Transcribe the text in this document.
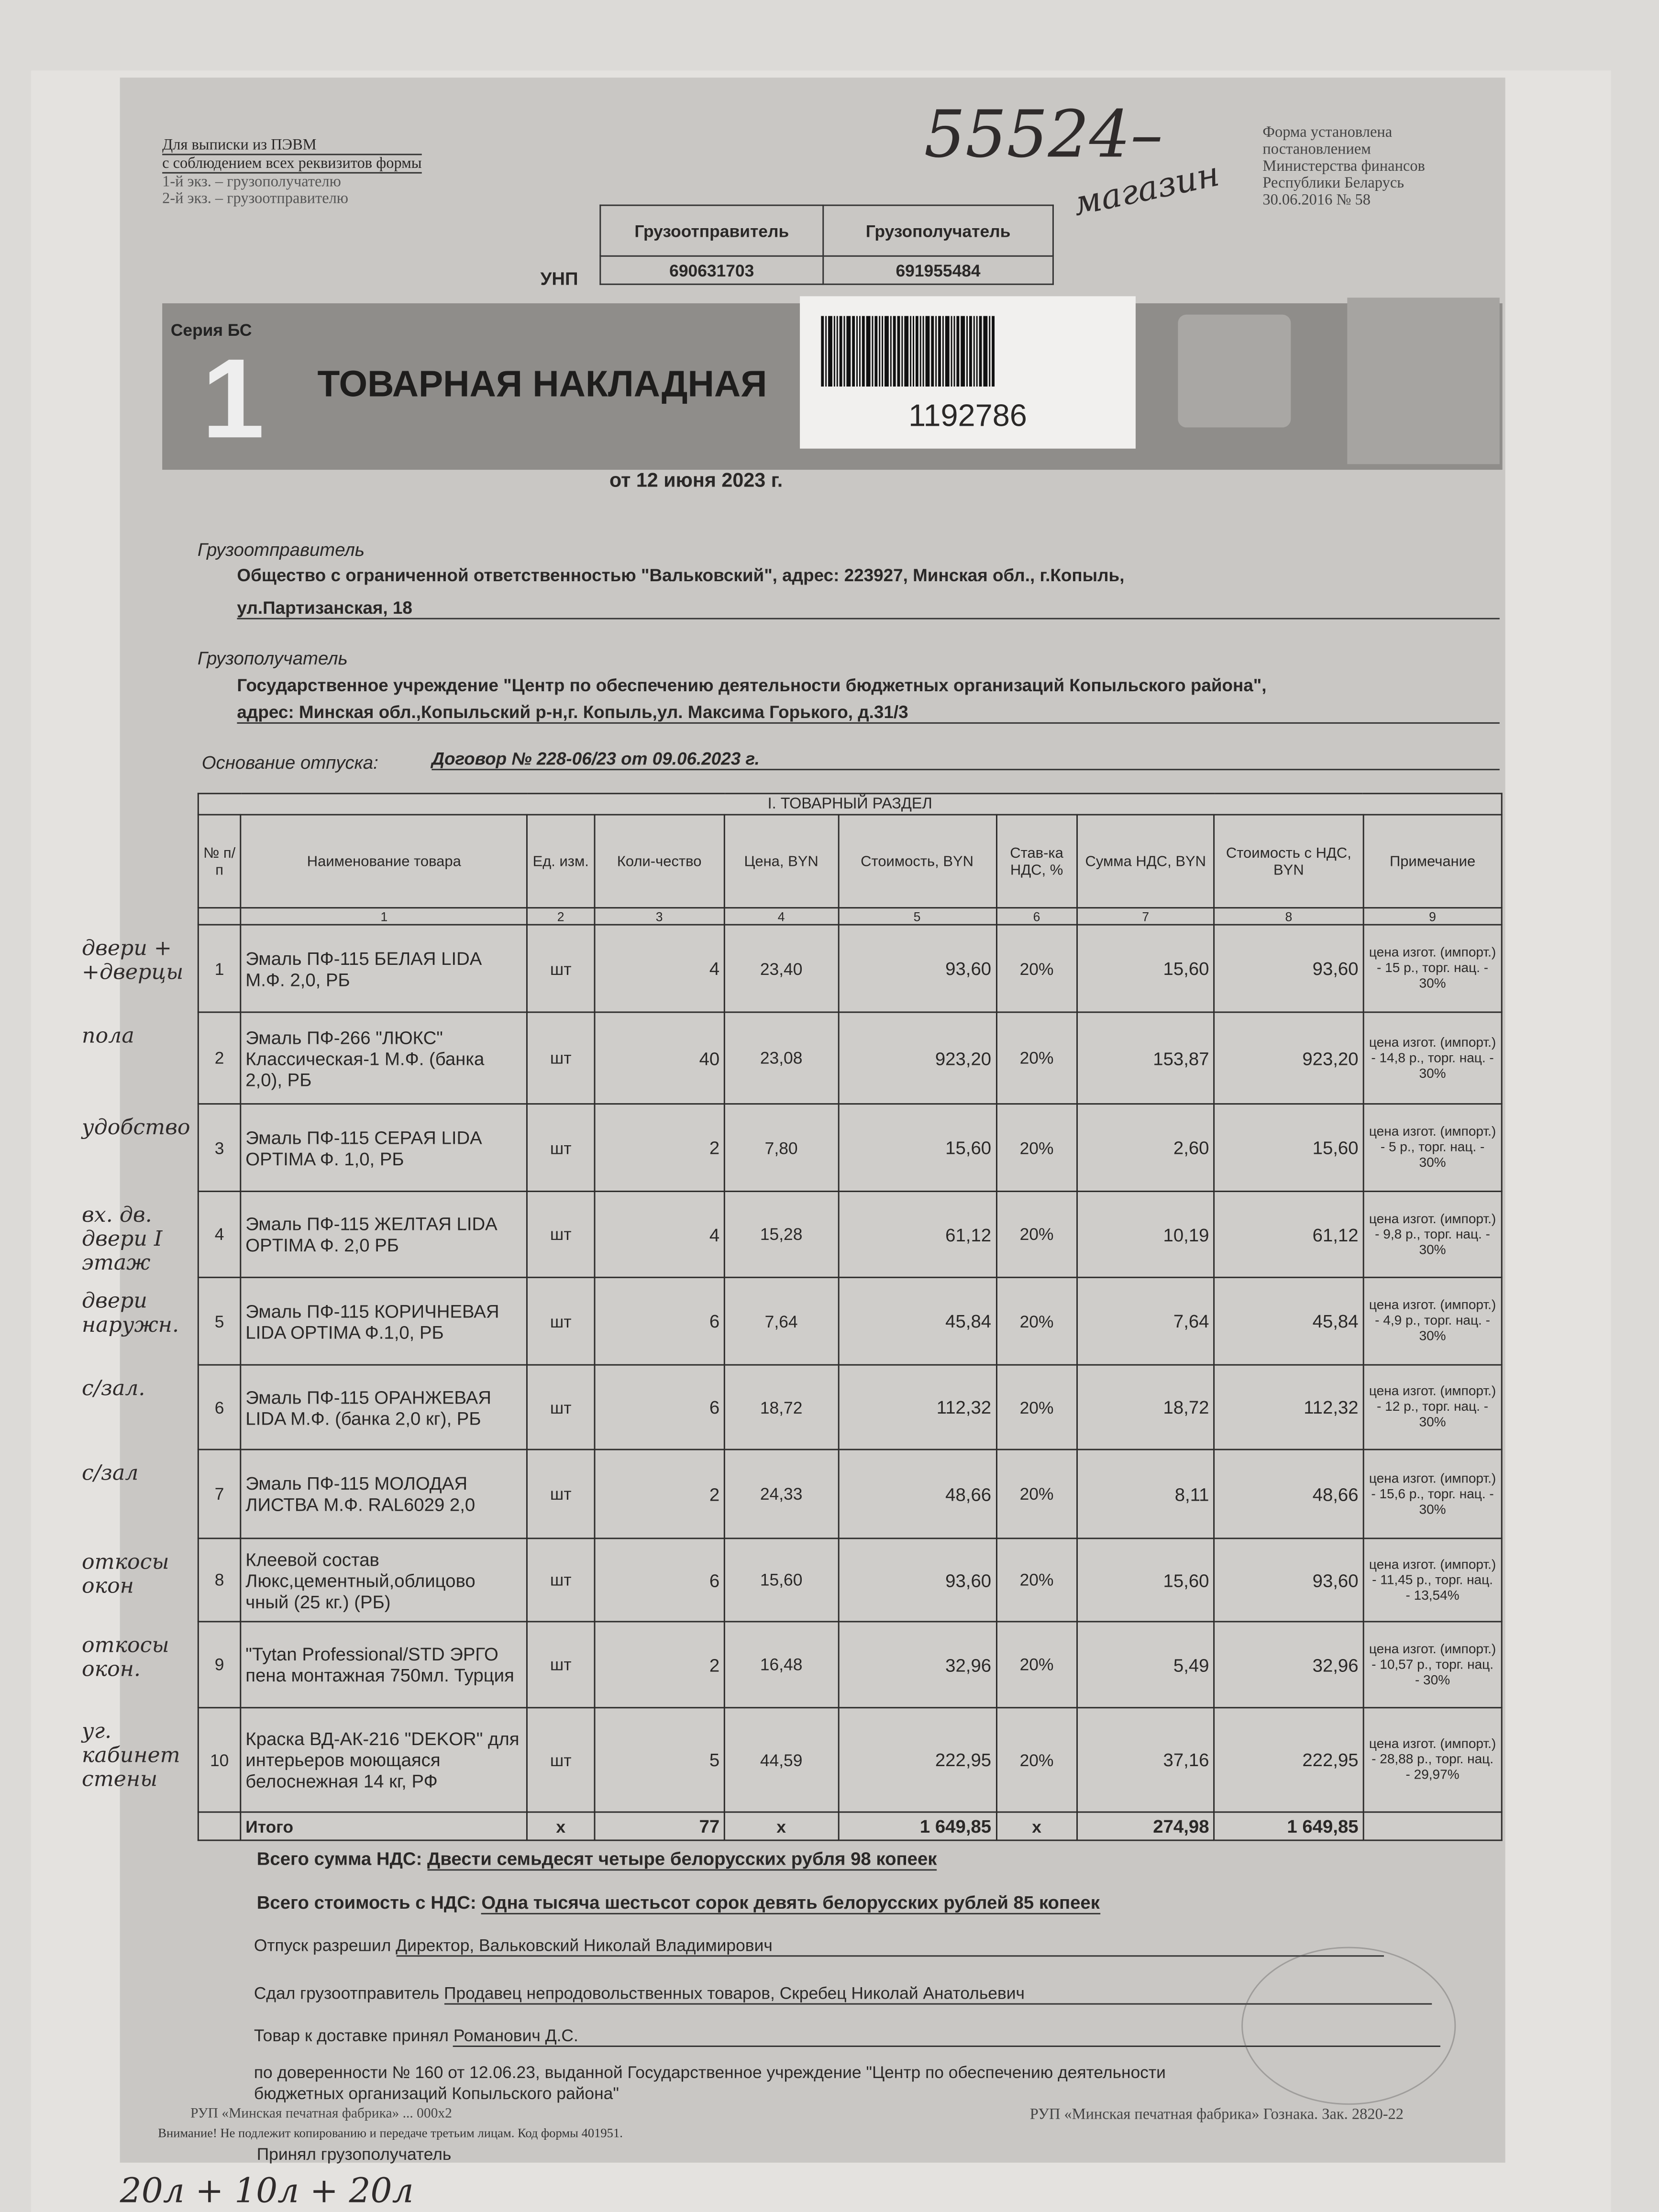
Для выписки из ПЭВМ
с соблюдением всех реквизитов формы
1-й экз. – грузополучателю
2-й экз. – грузоотправителю
55524–
магазин
Форма установлена
постановлением
Министерства финансов
Республики Беларусь
30.06.2016 № 58
УНП
Грузоотправитель	Грузополучатель
690631703	691955484
Серия БС
1	ТОВАРНАЯ НАКЛАДНАЯ
1192786
от 12 июня 2023 г.
Грузоотправитель
Общество с ограниченной ответственностью "Вальковский", адрес: 223927, Минская обл., г.Копыль,
ул.Партизанская, 18
Грузополучатель
Государственное учреждение "Центр по обеспечению деятельности бюджетных организаций Копыльского района",
адрес: Минская обл.,Копыльский р-н,г. Копыль,ул. Максима Горького, д.31/3
Основание отпуска:	Договор № 228-06/23 от 09.06.2023 г.
I. ТОВАРНЫЙ РАЗДЕЛ									
№ п/п	Наименование товара	Ед. изм.	Коли-чество	Цена, BYN	Стоимость, BYN	Став-ка НДС, %	Сумма НДС, BYN	Стоимость с НДС, BYN	Примечание
	1	2	3	4	5	6	7	8	9
1	Эмаль ПФ-115 БЕЛАЯ LIDA М.Ф. 2,0, РБ	шт	4	23,40	93,60	20%	15,60	93,60	цена изгот. (импорт.) - 15 р., торг. нац. - 30%
2	Эмаль ПФ-266 "ЛЮКС" Классическая-1 М.Ф. (банка 2,0), РБ	шт	40	23,08	923,20	20%	153,87	923,20	цена изгот. (импорт.) - 14,8 р., торг. нац. - 30%
3	Эмаль ПФ-115 СЕРАЯ LIDA OPTIMA Ф. 1,0, РБ	шт	2	7,80	15,60	20%	2,60	15,60	цена изгот. (импорт.) - 5 р., торг. нац. - 30%
4	Эмаль ПФ-115 ЖЕЛТАЯ LIDA OPTIMA Ф. 2,0 РБ	шт	4	15,28	61,12	20%	10,19	61,12	цена изгот. (импорт.) - 9,8 р., торг. нац. - 30%
5	Эмаль ПФ-115 КОРИЧНЕВАЯ LIDA OPTIMA Ф.1,0, РБ	шт	6	7,64	45,84	20%	7,64	45,84	цена изгот. (импорт.) - 4,9 р., торг. нац. - 30%
6	Эмаль ПФ-115 ОРАНЖЕВАЯ LIDA М.Ф. (банка 2,0 кг), РБ	шт	6	18,72	112,32	20%	18,72	112,32	цена изгот. (импорт.) - 12 р., торг. нац. - 30%
7	Эмаль ПФ-115 МОЛОДАЯ ЛИСТВА М.Ф. RAL6029 2,0	шт	2	24,33	48,66	20%	8,11	48,66	цена изгот. (импорт.) - 15,6 р., торг. нац. - 30%
8	Клеевой состав Люкс,цементный,облицово чный (25 кг.) (РБ)	шт	6	15,60	93,60	20%	15,60	93,60	цена изгот. (импорт.) - 11,45 р., торг. нац. - 13,54%
9	"Tytan Professional/STD ЭРГО пена монтажная 750мл. Турция	шт	2	16,48	32,96	20%	5,49	32,96	цена изгот. (импорт.) - 10,57 р., торг. нац. - 30%
10	Краска ВД-АК-216 "DEKOR" для интерьеров моющаяся белоснежная 14 кг, РФ	шт	5	44,59	222,95	20%	37,16	222,95	цена изгот. (импорт.) - 28,88 р., торг. нац. - 29,97%
	Итого	x	77	x	1 649,85	x	274,98	1 649,85	
двери + +дверцы
пола
удобство
вх. дв. двери I этаж
двери наружн.
с/зал.
с/зал
откосы окон
откосы окон.
уг. кабинет стены
Всего сумма НДС: Двести семьдесят четыре белорусских рубля 98 копеек
Всего стоимость с НДС: Одна тысяча шестьсот сорок девять белорусских рублей 85 копеек
Отпуск разрешил Директор, Вальковский Николай Владимирович
Сдал грузоотправитель Продавец непродовольственных товаров, Скребец Николай Анатольевич
Товар к доставке принял Романович Д.С.
по доверенности № 160 от 12.06.23, выданной Государственное учреждение "Центр по обеспечению деятельности
бюджетных организаций Копыльского района"
РУП «Минская печатная фабрика» ... 000х2	РУП «Минская печатная фабрика» Гознака. Зак. 2820-22
Внимание! Не подлежит копированию и передаче третьим лицам. Код формы 401951.
Принял грузополучатель
20л + 10л + 20л
